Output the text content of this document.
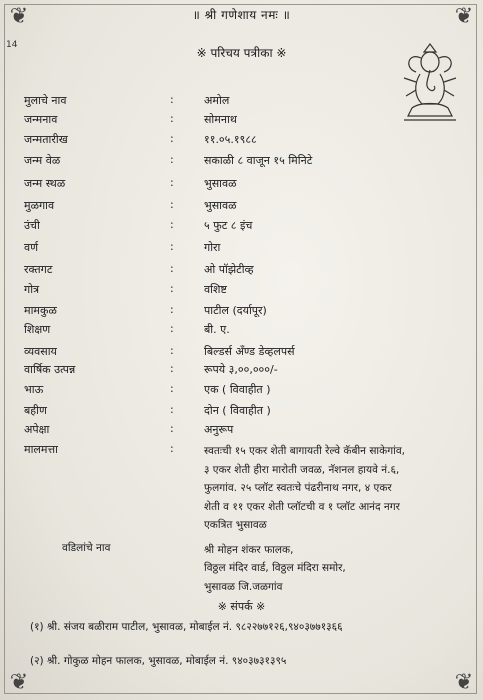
❦	❦
❦	❦
14
॥ श्री गणेशाय नमः ॥
※ परिचय पत्रीका ※
मुलाचे नाव	:	अमोल
जन्मनाव	:	सोमनाथ
जन्मतारीख	:	११.०५.१९८८
जन्म वेळ	:	सकाळी ८ वाजून १५ मिनिटे
जन्म स्थळ	:	भुसावळ
मुळगाव	:	भुसावळ
उंची	:	५ फुट ८ इंच
वर्ण	:	गोरा
रक्तगट	:	ओ पॉझेटीव्ह
गोत्र	:	वशिष्ट
मामकुळ	:	पाटील (दर्यापूर)
शिक्षण	:	बी. ए.
व्यवसाय	:	बिल्डर्स अँण्ड डेव्हलपर्स
वार्षिक उत्पन्न	:	रूपये ३,००,०००/-
भाऊ	:	एक ( विवाहीत )
बहीण	:	दोन ( विवाहीत )
अपेक्षा	:	अनुरूप
मालमत्ता	:	स्वतःची १५ एकर शेती बागायती रेल्वे कॅबीन साकेगांव,
३ एकर शेती हीरा मारोती जवळ, नॅशनल हायवे नं.६,
फुलगांव. २५ प्लॉट स्वतःचे पंढरीनाथ नगर, ४ एकर
शेती व ११ एकर शेती प्लॉटची व १ प्लॉट आनंद नगर
एकत्रित भुसावळ
वडिलांचे नाव	श्री मोहन शंकर फालक,
विठ्ठल मंदिर वार्ड, विठ्ठल मंदिरा समोर,
भुसावळ जि.जळगांव
※ संपर्क ※
(१) श्री. संजय बळीराम पाटील, भुसावळ, मोबाईल नं. ९८२२७७१२६,९४०३७७१३६६
(२) श्री. गोकुळ मोहन फालक, भुसावळ, मोबाईल नं. ९४०३७३१३९५
